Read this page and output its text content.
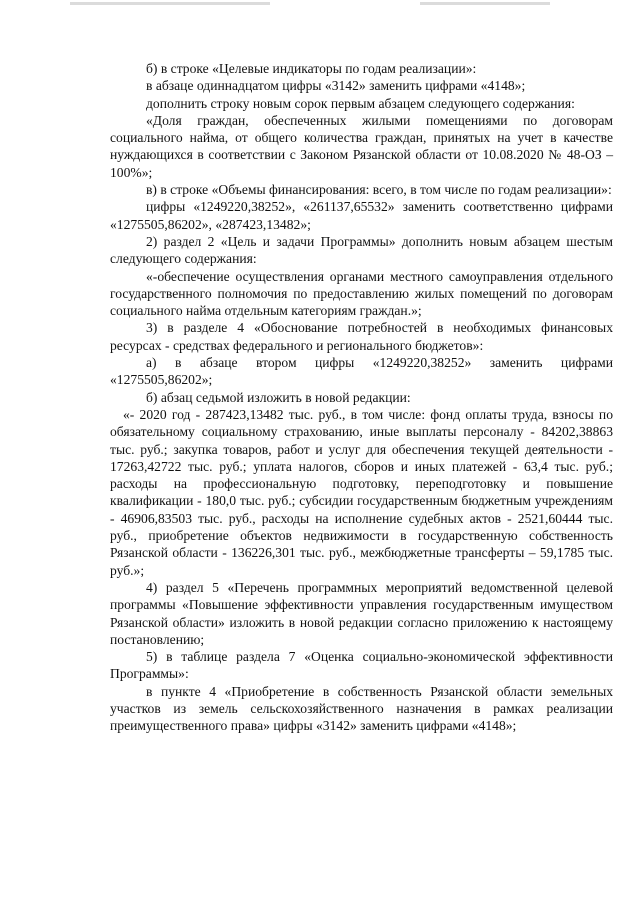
б) в строке «Целевые индикаторы по годам реализации»:

в абзаце одиннадцатом цифры «3142» заменить цифрами «4148»;

дополнить строку новым сорок первым абзацем следующего содержания:

«Доля граждан, обеспеченных жилыми помещениями по договорам социального найма, от общего количества граждан, принятых на учет в качестве нуждающихся в соответствии с Законом Рязанской области от 10.08.2020 № 48-ОЗ – 100%»;

в) в строке «Объемы финансирования: всего, в том числе по годам реализации»:

цифры «1249220,38252», «261137,65532» заменить соответственно цифрами «1275505,86202», «287423,13482»;

2) раздел 2 «Цель и задачи Программы» дополнить новым абзацем шестым следующего содержания:

«-обеспечение осуществления органами местного самоуправления отдельного государственного полномочия по предоставлению жилых помещений по договорам социального найма отдельным категориям граждан.»;

3) в разделе 4 «Обоснование потребностей в необходимых финансовых ресурсах - средствах федерального и регионального бюджетов»:

а) в абзаце втором цифры «1249220,38252» заменить цифрами «1275505,86202»;

б) абзац седьмой изложить в новой редакции:

«- 2020 год - 287423,13482 тыс. руб., в том числе: фонд оплаты труда, взносы по обязательному социальному страхованию, иные выплаты персоналу - 84202,38863 тыс. руб.; закупка товаров, работ и услуг для обеспечения текущей деятельности - 17263,42722 тыс. руб.; уплата налогов, сборов и иных платежей - 63,4 тыс. руб.; расходы на профессиональную подготовку, переподготовку и повышение квалификации - 180,0 тыс. руб.; субсидии государственным бюджетным учреждениям - 46906,83503 тыс. руб., расходы на исполнение судебных актов - 2521,60444 тыс. руб., приобретение объектов недвижимости в государственную собственность Рязанской области - 136226,301 тыс. руб., межбюджетные трансферты – 59,1785 тыс. руб.»;

4) раздел 5 «Перечень программных мероприятий ведомственной целевой программы «Повышение эффективности управления государственным имуществом Рязанской области» изложить в новой редакции согласно приложению к настоящему постановлению;

5) в таблице раздела 7 «Оценка социально-экономической эффективности Программы»:

в пункте 4 «Приобретение в собственность Рязанской области земельных участков из земель сельскохозяйственного назначения в рамках реализации преимущественного права» цифры «3142» заменить цифрами «4148»;
